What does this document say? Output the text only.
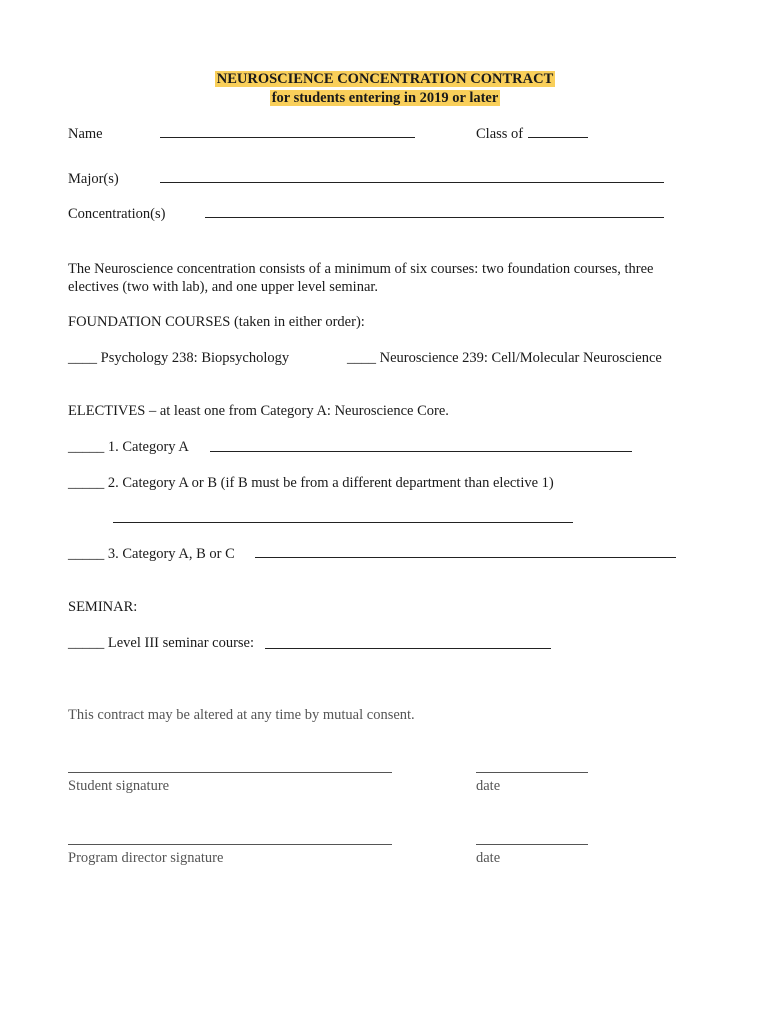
NEUROSCIENCE CONCENTRATION CONTRACT
for students entering in 2019 or later
Name	Class of
Major(s)
Concentration(s)
The Neuroscience concentration consists of a minimum of six courses: two foundation courses, three electives (two with lab), and one upper level seminar.
FOUNDATION COURSES (taken in either order):
____ Psychology 238: Biopsychology	____ Neuroscience 239: Cell/Molecular Neuroscience
ELECTIVES – at least one from Category A: Neuroscience Core.
_____ 1. Category A
_____ 2. Category A or B (if B must be from a different department than elective 1)
_____ 3. Category A, B or C
SEMINAR:
_____ Level III seminar course:
This contract may be altered at any time by mutual consent.
Student signature	date
Program director signature	date
